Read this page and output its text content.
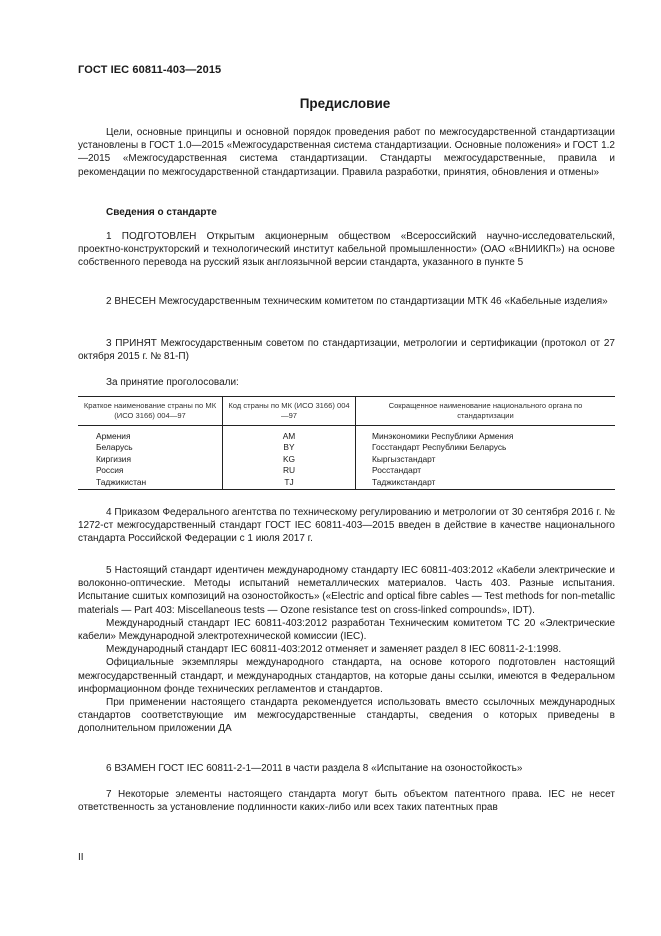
ГОСТ IEC 60811-403—2015
Предисловие

Цели, основные принципы и основной порядок проведения работ по межгосударственной стандартизации установлены в ГОСТ 1.0—2015 «Межгосударственная система стандартизации. Основные положения» и ГОСТ 1.2—2015 «Межгосударственная система стандартизации. Стандарты межгосударственные, правила и рекомендации по межгосударственной стандартизации. Правила разработки, принятия, обновления и отмены»

Сведения о стандарте

1 ПОДГОТОВЛЕН Открытым акционерным обществом «Всероссийский научно-исследовательский, проектно-конструкторский и технологический институт кабельной промышленности» (ОАО «ВНИИКП») на основе собственного перевода на русский язык англоязычной версии стандарта, указанного в пункте 5

2 ВНЕСЕН Межгосударственным техническим комитетом по стандартизации МТК 46 «Кабельные изделия»

3 ПРИНЯТ Межгосударственным советом по стандартизации, метрологии и сертификации (протокол от 27 октября 2015 г. № 81-П)

За принятие проголосовали:

Краткое наименование страны по МК (ИСО 3166) 004—97	Код страны по МК (ИСО 3166) 004—97	Сокращенное наименование национального органа по стандартизации
Армения	AM	Минэкономики Республики Армения
Беларусь	BY	Госстандарт Республики Беларусь
Киргизия	KG	Кыргызстандарт
Россия	RU	Росстандарт
Таджикистан	TJ	Таджикстандарт

4 Приказом Федерального агентства по техническому регулированию и метрологии от 30 сентября 2016 г. № 1272-ст межгосударственный стандарт ГОСТ IEC 60811-403—2015 введен в действие в качестве национального стандарта Российской Федерации с 1 июля 2017 г.

5 Настоящий стандарт идентичен международному стандарту IEC 60811-403:2012 «Кабели электрические и волоконно-оптические. Методы испытаний неметаллических материалов. Часть 403. Разные испытания. Испытание сшитых композиций на озоностойкость» («Electric and optical fibre cables — Test methods for non-metallic materials — Part 403: Miscellaneous tests — Ozone resistance test on cross-linked compounds», IDT).

Международный стандарт IEC 60811-403:2012 разработан Техническим комитетом TC 20 «Электрические кабели» Международной электротехнической комиссии (IEC).

Международный стандарт IEC 60811-403:2012 отменяет и заменяет раздел 8 IEC 60811-2-1:1998.

Официальные экземпляры международного стандарта, на основе которого подготовлен настоящий межгосударственный стандарт, и международных стандартов, на которые даны ссылки, имеются в Федеральном информационном фонде технических регламентов и стандартов.

При применении настоящего стандарта рекомендуется использовать вместо ссылочных международных стандартов соответствующие им межгосударственные стандарты, сведения о которых приведены в дополнительном приложении ДА

6 ВЗАМЕН ГОСТ IEC 60811-2-1—2011 в части раздела 8 «Испытание на озоностойкость»

7 Некоторые элементы настоящего стандарта могут быть объектом патентного права. IEC не несет ответственность за установление подлинности каких-либо или всех таких патентных прав

II
